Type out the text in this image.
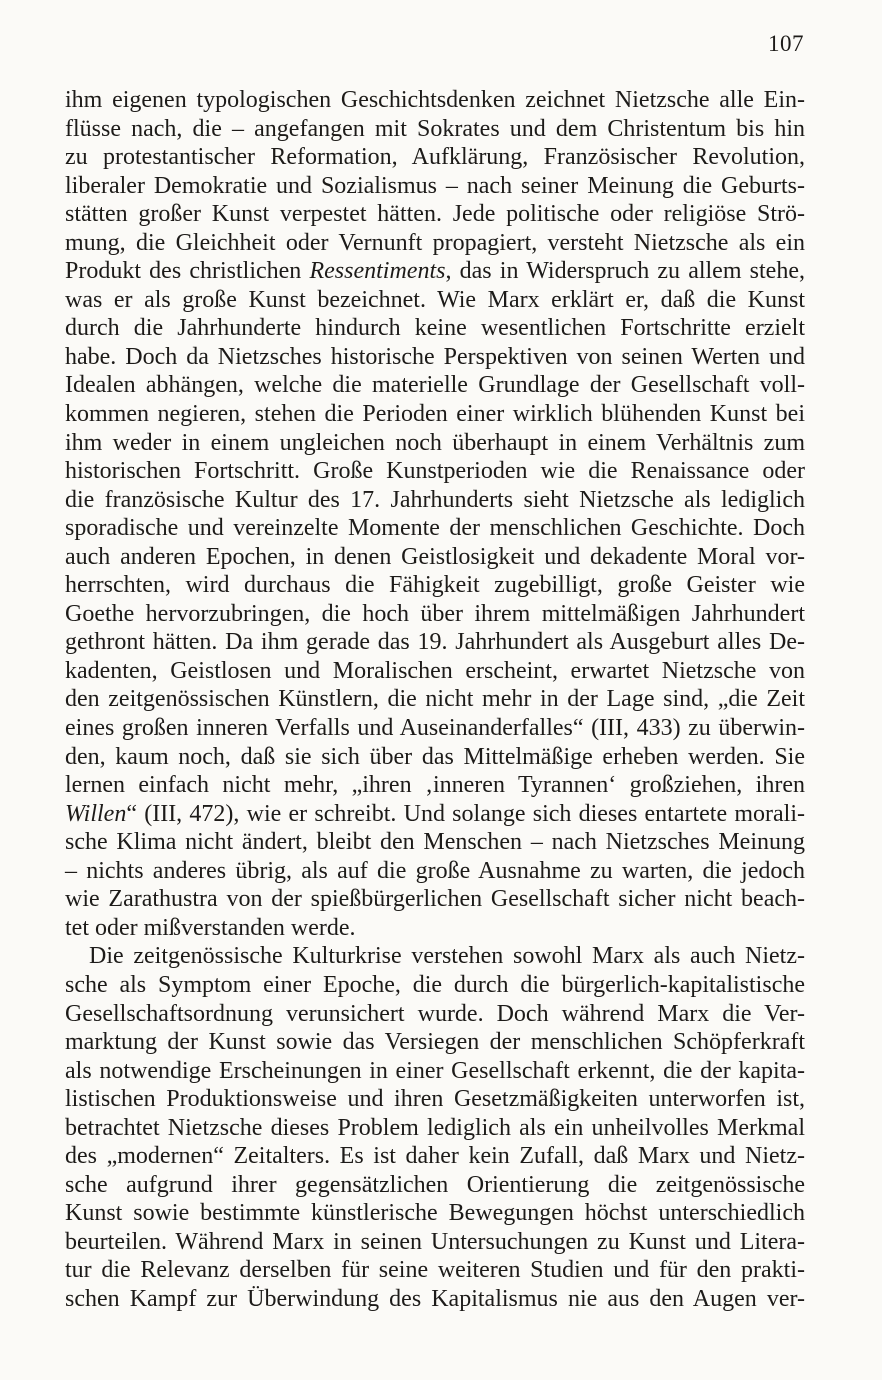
107
ihm eigenen typologischen Geschichtsdenken zeichnet Nietzsche alle Ein-
flüsse nach, die – angefangen mit Sokrates und dem Christentum bis hin
zu protestantischer Reformation, Aufklärung, Französischer Revolution,
liberaler Demokratie und Sozialismus – nach seiner Meinung die Geburts-
stätten großer Kunst verpestet hätten. Jede politische oder religiöse Strö-
mung, die Gleichheit oder Vernunft propagiert, versteht Nietzsche als ein
Produkt des christlichen Ressentiments, das in Widerspruch zu allem stehe,
was er als große Kunst bezeichnet. Wie Marx erklärt er, daß die Kunst
durch die Jahrhunderte hindurch keine wesentlichen Fortschritte erzielt
habe. Doch da Nietzsches historische Perspektiven von seinen Werten und
Idealen abhängen, welche die materielle Grundlage der Gesellschaft voll-
kommen negieren, stehen die Perioden einer wirklich blühenden Kunst bei
ihm weder in einem ungleichen noch überhaupt in einem Verhältnis zum
historischen Fortschritt. Große Kunstperioden wie die Renaissance oder
die französische Kultur des 17. Jahrhunderts sieht Nietzsche als lediglich
sporadische und vereinzelte Momente der menschlichen Geschichte. Doch
auch anderen Epochen, in denen Geistlosigkeit und dekadente Moral vor-
herrschten, wird durchaus die Fähigkeit zugebilligt, große Geister wie
Goethe hervorzubringen, die hoch über ihrem mittelmäßigen Jahrhundert
gethront hätten. Da ihm gerade das 19. Jahrhundert als Ausgeburt alles De-
kadenten, Geistlosen und Moralischen erscheint, erwartet Nietzsche von
den zeitgenössischen Künstlern, die nicht mehr in der Lage sind, „die Zeit
eines großen inneren Verfalls und Auseinanderfalles“ (III, 433) zu überwin-
den, kaum noch, daß sie sich über das Mittelmäßige erheben werden. Sie
lernen einfach nicht mehr, „ihren ‚inneren Tyrannen‘ großziehen, ihren
Willen“ (III, 472), wie er schreibt. Und solange sich dieses entartete morali-
sche Klima nicht ändert, bleibt den Menschen – nach Nietzsches Meinung
– nichts anderes übrig, als auf die große Ausnahme zu warten, die jedoch
wie Zarathustra von der spießbürgerlichen Gesellschaft sicher nicht beach-
tet oder mißverstanden werde.
Die zeitgenössische Kulturkrise verstehen sowohl Marx als auch Nietz-
sche als Symptom einer Epoche, die durch die bürgerlich-kapitalistische
Gesellschaftsordnung verunsichert wurde. Doch während Marx die Ver-
marktung der Kunst sowie das Versiegen der menschlichen Schöpferkraft
als notwendige Erscheinungen in einer Gesellschaft erkennt, die der kapita-
listischen Produktionsweise und ihren Gesetzmäßigkeiten unterworfen ist,
betrachtet Nietzsche dieses Problem lediglich als ein unheilvolles Merkmal
des „modernen“ Zeitalters. Es ist daher kein Zufall, daß Marx und Nietz-
sche aufgrund ihrer gegensätzlichen Orientierung die zeitgenössische
Kunst sowie bestimmte künstlerische Bewegungen höchst unterschiedlich
beurteilen. Während Marx in seinen Untersuchungen zu Kunst und Litera-
tur die Relevanz derselben für seine weiteren Studien und für den prakti-
schen Kampf zur Überwindung des Kapitalismus nie aus den Augen ver-
